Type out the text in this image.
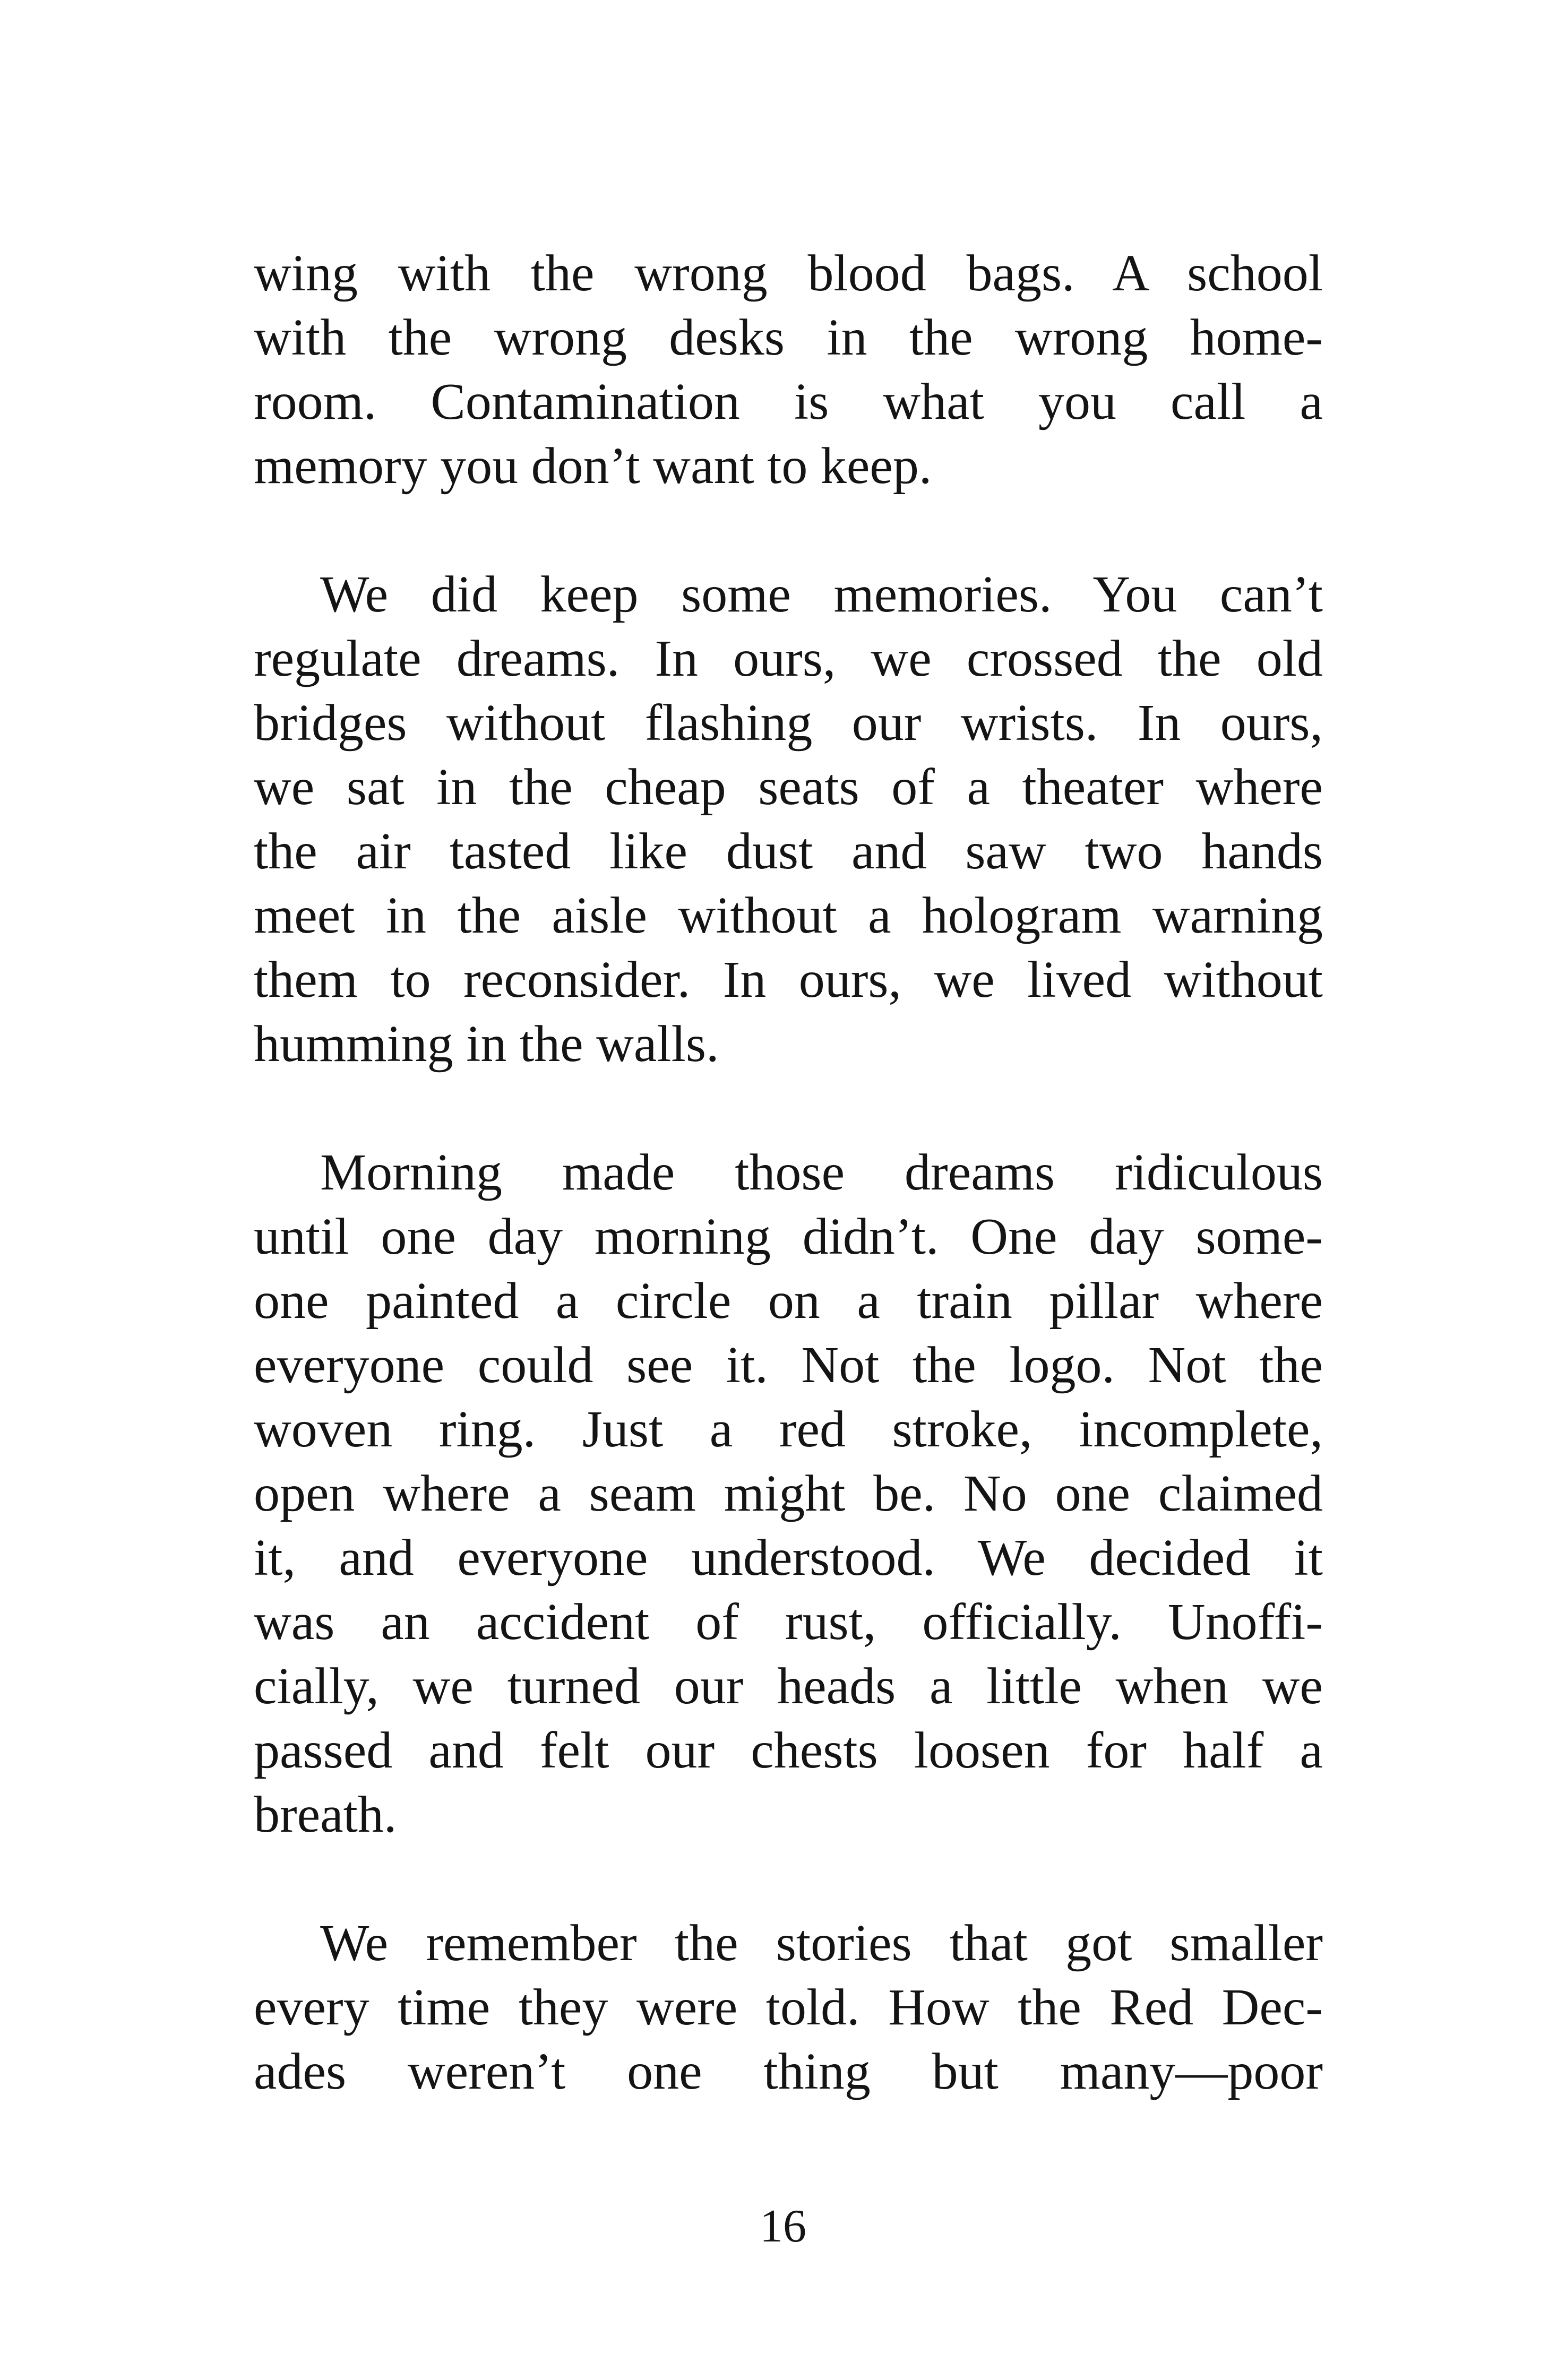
wing with the wrong blood bags. A school
with the wrong desks in the wrong home-
room. Contamination is what you call a
memory you don’t want to keep.
We did keep some memories. You can’t
regulate dreams. In ours, we crossed the old
bridges without flashing our wrists. In ours,
we sat in the cheap seats of a theater where
the air tasted like dust and saw two hands
meet in the aisle without a hologram warning
them to reconsider. In ours, we lived without
humming in the walls.
Morning made those dreams ridiculous
until one day morning didn’t. One day some-
one painted a circle on a train pillar where
everyone could see it. Not the logo. Not the
woven ring. Just a red stroke, incomplete,
open where a seam might be. No one claimed
it, and everyone understood. We decided it
was an accident of rust, officially. Unoffi-
cially, we turned our heads a little when we
passed and felt our chests loosen for half a
breath.
We remember the stories that got smaller
every time they were told. How the Red Dec-
ades weren’t one thing but many—poor
16
